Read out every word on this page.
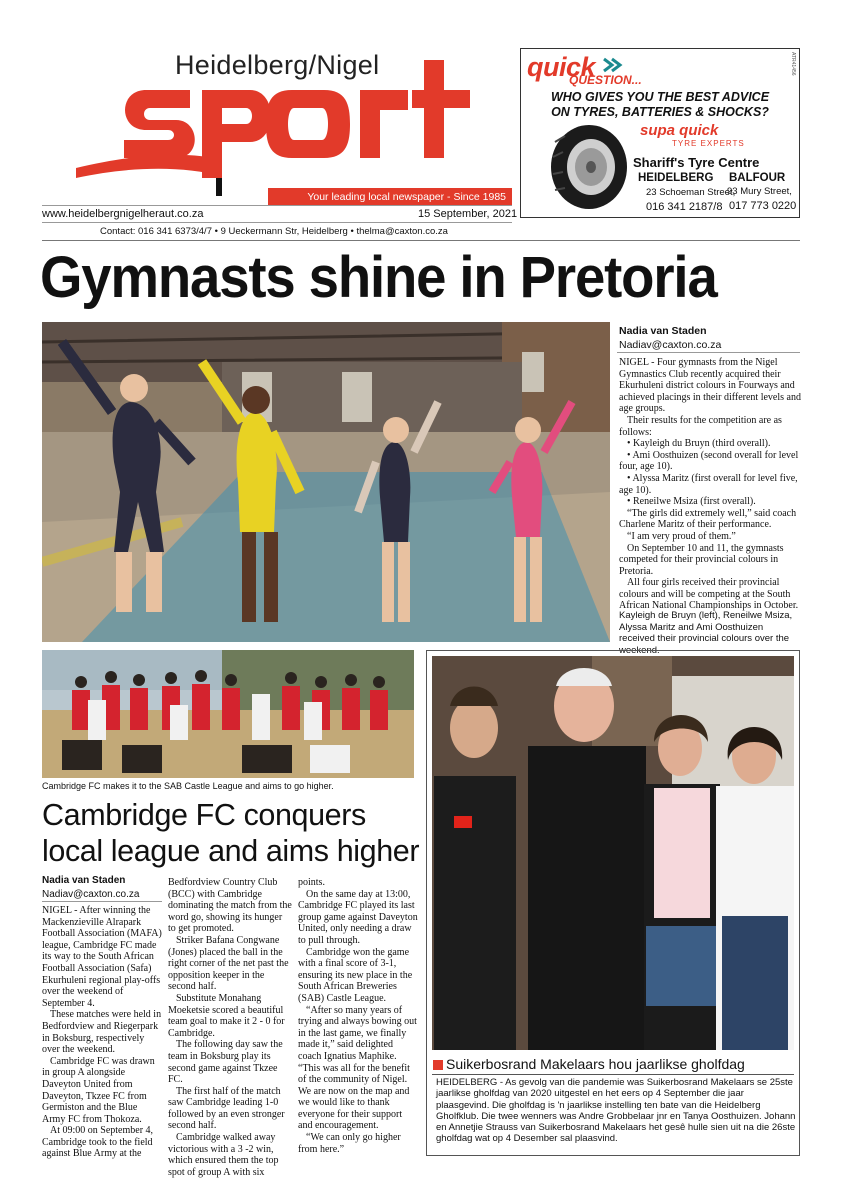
Heidelberg/Nigel
Your leading local newspaper - Since 1985
www.heidelbergnigelheraut.co.za	15 September, 2021
Contact: 016 341 6373/4/7 • 9 Ueckermann Str, Heidelberg • thelma@caxton.co.za
quick
QUESTION...
WHO GIVES YOU THE BEST ADVICE
ON TYRES, BATTERIES & SHOCKS?
supa quick
TYRE EXPERTS
Shariff's Tyre Centre
HEIDELBERG BALFOUR
23 Schoeman Street,
93 Mury Street,
016 341 2187/8 017 773 0220
ATR41456
Gymnasts shine in Pretoria
Nadia van Staden
Nadiav@caxton.co.za

NIGEL - Four gymnasts from the Nigel Gymnastics Club recently acquired their Ekurhuleni district colours in Fourways and achieved placings in their different levels and age groups.

Their results for the competition are as follows:

• Kayleigh du Bruyn (third overall).

• Ami Oosthuizen (second overall for level four, age 10).

• Alyssa Maritz (first overall for level five, age 10).

• Reneilwe Msiza (first overall).

“The girls did extremely well,” said coach Charlene Maritz of their performance.

“I am very proud of them.”

On September 10 and 11, the gymnasts competed for their provincial colours in Pretoria.

All four girls received their provincial colours and will be competing at the South African National Championships in October.

Kayleigh de Bruyn (left), Reneilwe Msiza, Alyssa Maritz and Ami Oosthuizen received their provincial colours over the weekend.
Cambridge FC makes it to the SAB Castle League and aims to go higher.
Cambridge FC conquers
local league and aims higher
Nadia van Staden
Nadiav@caxton.co.za

NIGEL - After winning the Mackenzieville Alrapark Football Association (MAFA) league, Cambridge FC made its way to the South African Football Association (Safa) Ekurhuleni regional play-offs over the weekend of September 4.

These matches were held in Bedfordview and Riegerpark in Boksburg, respectively over the weekend.

Cambridge FC was drawn in group A alongside Daveyton United from Daveyton, Tkzee FC from Germiston and the Blue Army FC from Thokoza.

At 09:00 on September 4, Cambridge took to the field against Blue Army at the

Bedfordview Country Club (BCC) with Cambridge dominating the match from the word go, showing its hunger to get promoted.

Striker Bafana Congwane (Jones) placed the ball in the right corner of the net past the opposition keeper in the second half.

Substitute Monahang Moeketsie scored a beautiful team goal to make it 2 - 0 for Cambridge.

The following day saw the team in Boksburg play its second game against Tkzee FC.

The first half of the match saw Cambridge leading 1-0 followed by an even stronger second half.

Cambridge walked away victorious with a 3 -2 win, which ensured them the top spot of group A with six

points.

On the same day at 13:00, Cambridge FC played its last group game against Daveyton United, only needing a draw to pull through.

Cambridge won the game with a final score of 3-1, ensuring its new place in the South African Breweries (SAB) Castle League.

“After so many years of trying and always bowing out in the last game, we finally made it,” said delighted coach Ignatius Maphike. “This was all for the benefit of the community of Nigel. We are now on the map and we would like to thank everyone for their support and encouragement.

“We can only go higher from here.”

Suikerbosrand Makelaars hou jaarlikse gholfdag
HEIDELBERG - As gevolg van die pandemie was Suikerbosrand Makelaars se 25ste jaarlikse gholfdag van 2020 uitgestel en het eers op 4 September die jaar plaasgevind. Die gholfdag is 'n jaarlikse instelling ten bate van die Heidelberg Gholfklub. Die twee wenners was Andre Grobbelaar jnr en Tanya Oosthuizen. Johann en Annetjie Strauss van Suikerbosrand Makelaars het gesê hulle sien uit na die 26ste gholfdag wat op 4 Desember sal plaasvind.
